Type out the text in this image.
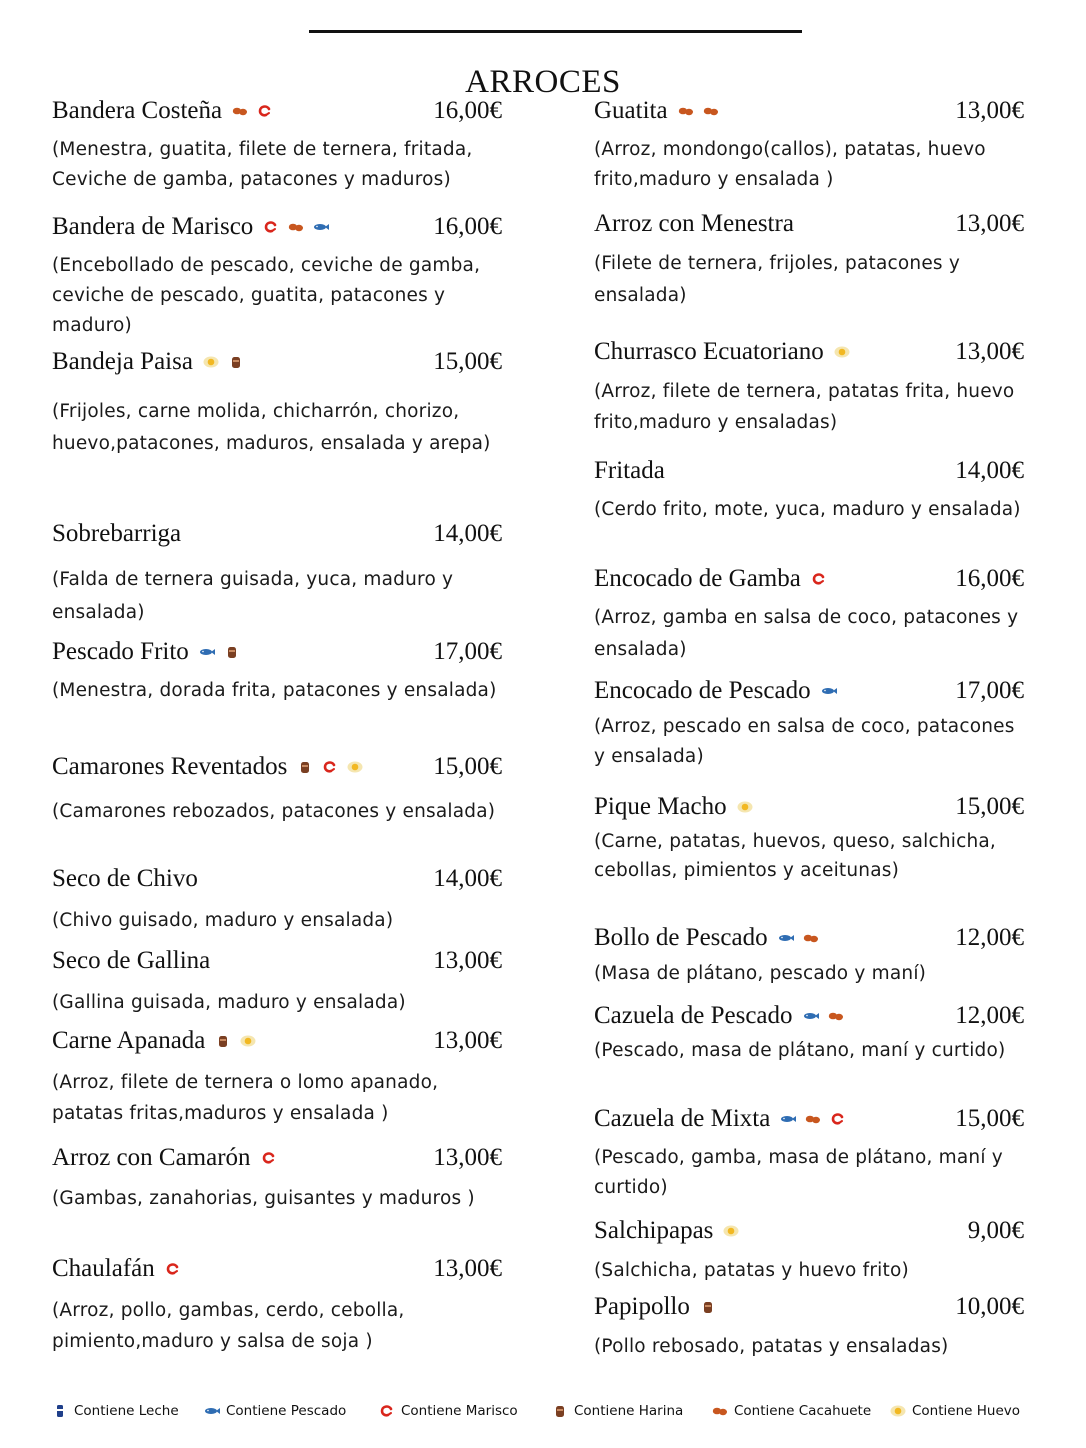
ARROCES
Bandera Costeña	16,00€
(Menestra, guatita, filete de ternera, fritada, Ceviche de gamba, patacones y maduros)
Bandera de Marisco	16,00€
(Encebollado de pescado, ceviche de gamba, ceviche de pescado, guatita, patacones y maduro)
Bandeja Paisa	15,00€
(Frijoles, carne molida, chicharrón, chorizo, huevo,patacones, maduros, ensalada y arepa)
Sobrebarriga	14,00€
(Falda de ternera guisada, yuca, maduro y ensalada)
Pescado Frito	17,00€
(Menestra, dorada frita, patacones y ensalada)
Camarones Reventados	15,00€
(Camarones rebozados, patacones y ensalada)
Seco de Chivo	14,00€
(Chivo guisado, maduro y ensalada)
Seco de Gallina	13,00€
(Gallina guisada, maduro y ensalada)
Carne Apanada	13,00€
(Arroz, filete de ternera o lomo apanado, patatas fritas,maduros y ensalada )
Arroz con Camarón	13,00€
(Gambas, zanahorias, guisantes y maduros )
Chaulafán	13,00€
(Arroz, pollo, gambas, cerdo, cebolla, pimiento,maduro y salsa de soja )
Guatita	13,00€
(Arroz, mondongo(callos), patatas, huevo frito,maduro y ensalada )
Arroz con Menestra	13,00€
(Filete de ternera, frijoles, patacones y ensalada)
Churrasco Ecuatoriano	13,00€
(Arroz, filete de ternera, patatas frita, huevo frito,maduro y ensaladas)
Fritada	14,00€
(Cerdo frito, mote, yuca, maduro y ensalada)
Encocado de Gamba	16,00€
(Arroz, gamba en salsa de coco, patacones y ensalada)
Encocado de Pescado	17,00€
(Arroz, pescado en salsa de coco, patacones y ensalada)
Pique Macho	15,00€
(Carne, patatas, huevos, queso, salchicha, cebollas, pimientos y aceitunas)
Bollo de Pescado	12,00€
(Masa de plátano, pescado y maní)
Cazuela de Pescado	12,00€
(Pescado, masa de plátano, maní y curtido)
Cazuela de Mixta	15,00€
(Pescado, gamba, masa de plátano, maní y curtido)
Salchipapas	9,00€
(Salchicha, patatas y huevo frito)
Papipollo	10,00€
(Pollo rebosado, patatas y ensaladas)
Contiene Leche	Contiene Pescado	Contiene Marisco	Contiene Harina	Contiene Cacahuete	Contiene Huevo
